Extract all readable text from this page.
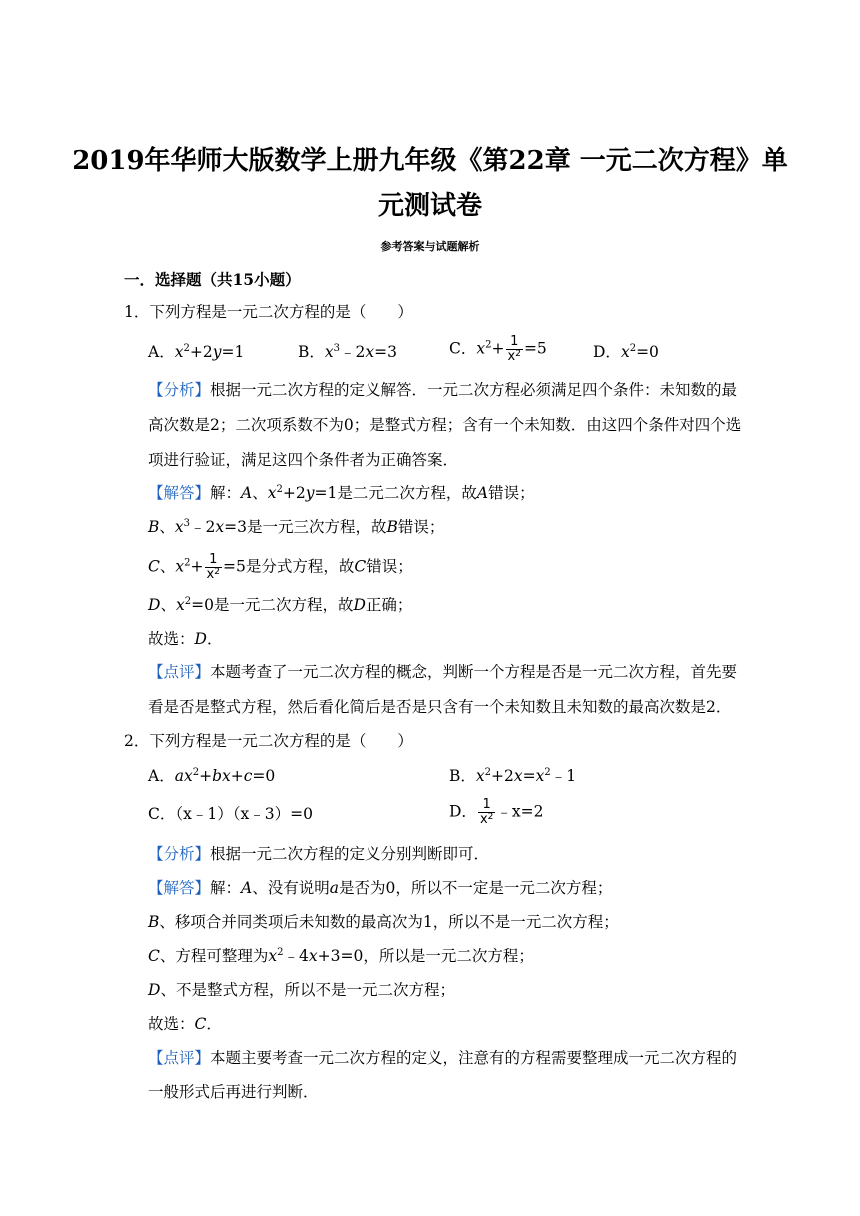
2019年华师大版数学上册九年级《第22章 一元二次方程》单
元测试卷
参考答案与试题解析
一．选择题（共15小题）
1．下列方程是一元二次方程的是（　　）
A．$x^2+2y=1$	B．$x^3﹣2x=3$	C．$x^2+ \frac{1}{x^2} =5$	D．$x^2=0$
【分析】根据一元二次方程的定义解答．一元二次方程必须满足四个条件：未知数的最
高次数是2；二次项系数不为0；是整式方程；含有一个未知数．由这四个条件对四个选
项进行验证，满足这四个条件者为正确答案．
【解答】解：A、$x^2+2y=1$是二元二次方程，故A错误；
B、$x^3﹣2x=3$是一元三次方程，故B错误；
C、$x^2+ \frac{1}{x^2} =5$是分式方程，故C错误；
D、$x^2=0$是一元二次方程，故D正确；
故选：D．
【点评】本题考查了一元二次方程的概念，判断一个方程是否是一元二次方程，首先要
看是否是整式方程，然后看化简后是否是只含有一个未知数且未知数的最高次数是2．
2．下列方程是一元二次方程的是（　　）
A．$ax^2+bx+c=0$	B．$x^2+2x=x^2﹣1$
C．（x﹣1）（x﹣3）=0	D． $\frac{1}{x^2}$ ﹣x=2
【分析】根据一元二次方程的定义分别判断即可．
【解答】解：A、没有说明a是否为0，所以不一定是一元二次方程；
B、移项合并同类项后未知数的最高次为1，所以不是一元二次方程；
C、方程可整理为$x^2﹣4x+3=0$，所以是一元二次方程；
D、不是整式方程，所以不是一元二次方程；
故选：C．
【点评】本题主要考查一元二次方程的定义，注意有的方程需要整理成一元二次方程的
一般形式后再进行判断．
